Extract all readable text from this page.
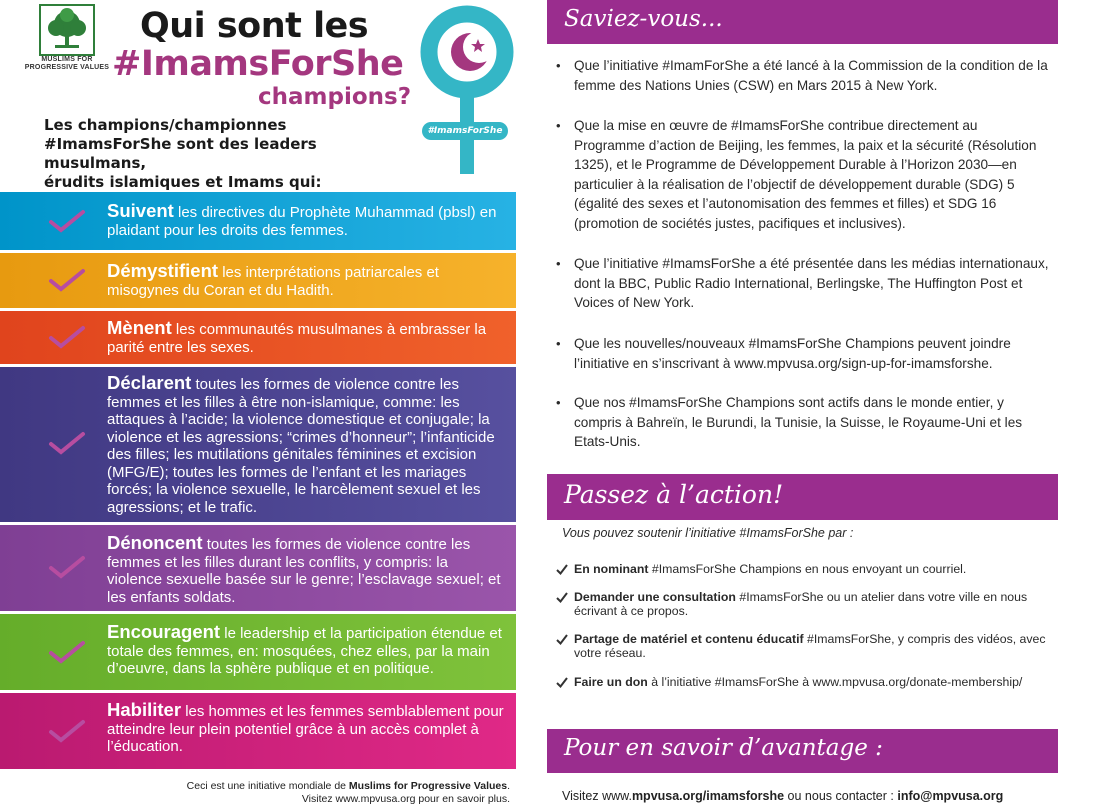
MUSLIMS FOR
PROGRESSIVE VALUES
Qui sont les
#ImamsForShe
champions?
#ImamsForShe
Les champions/championnes
#ImamsForShe sont des leaders musulmans,
érudits islamiques et Imams qui:
Suivent les directives du Prophète Muhammad (pbsl) en plaidant pour les droits des femmes.
Démystifient les interprétations patriarcales et misogynes du Coran et du Hadith.
Mènent les communautés musulmanes à embrasser la parité entre les sexes.
Déclarent toutes les formes de violence contre les femmes et les filles à être non-islamique, comme: les attaques à l’acide; la violence domestique et conjugale; la violence et les agressions; “crimes d’honneur”; l’infanticide des filles; les mutilations génitales féminines et excision (MFG/E); toutes les formes de l’enfant et les mariages forcés; la violence sexuelle, le harcèlement sexuel et les agressions; et le trafic.
Dénoncent toutes les formes de violence contre les femmes et les filles durant les conflits, y compris: la violence sexuelle basée sur le genre; l’esclavage sexuel; et les enfants soldats.
Encouragent le leadership et la participation étendue et totale des femmes, en: mosquées, chez elles, par la main d’oeuvre, dans la sphère publique et en politique.
Habiliter les hommes et les femmes semblablement pour atteindre leur plein potentiel grâce à un accès complet à l’éducation.
Ceci est une initiative mondiale de Muslims for Progressive Values.
Visitez www.mpvusa.org pour en savoir plus.
Saviez-vous...
• Que l’initiative #ImamForShe a été lancé à la Commission de la condition de la femme des Nations Unies (CSW) en Mars 2015 à New York.
• Que la mise en œuvre de #ImamsForShe contribue directement au Programme d’action de Beijing, les femmes, la paix et la sécurité (Résolution 1325), et le Programme de Développement Durable à l’Horizon 2030—en particulier à la réalisation de l’objectif de développement durable (SDG) 5 (égalité des sexes et l’autonomisation des femmes et filles) et SDG 16 (promotion de sociétés justes, pacifiques et inclusives).
• Que l’initiative #ImamsForShe a été présentée dans les médias internationaux, dont la BBC, Public Radio International, Berlingske, The Huffington Post et Voices of New York.
• Que les nouvelles/nouveaux #ImamsForShe Champions peuvent joindre l’initiative en s’inscrivant à www.mpvusa.org/sign-up-for-imamsforshe.
• Que nos #ImamsForShe Champions sont actifs dans le monde entier, y compris à Bahreïn, le Burundi, la Tunisie, la Suisse, le Royaume-Uni et les Etats-Unis.
Passez à l’action!
Vous pouvez soutenir l’initiative #ImamsForShe par :
En nominant #ImamsForShe Champions en nous envoyant un courriel.
Demander une consultation #ImamsForShe ou un atelier dans votre ville en nous écrivant à ce propos.
Partage de matériel et contenu éducatif #ImamsForShe, y compris des vidéos, avec votre réseau.
Faire un don à l’initiative #ImamsForShe à www.mpvusa.org/donate-membership/
Pour en savoir d’avantage :
Visitez www.mpvusa.org/imamsforshe ou nous contacter : info@mpvusa.org
